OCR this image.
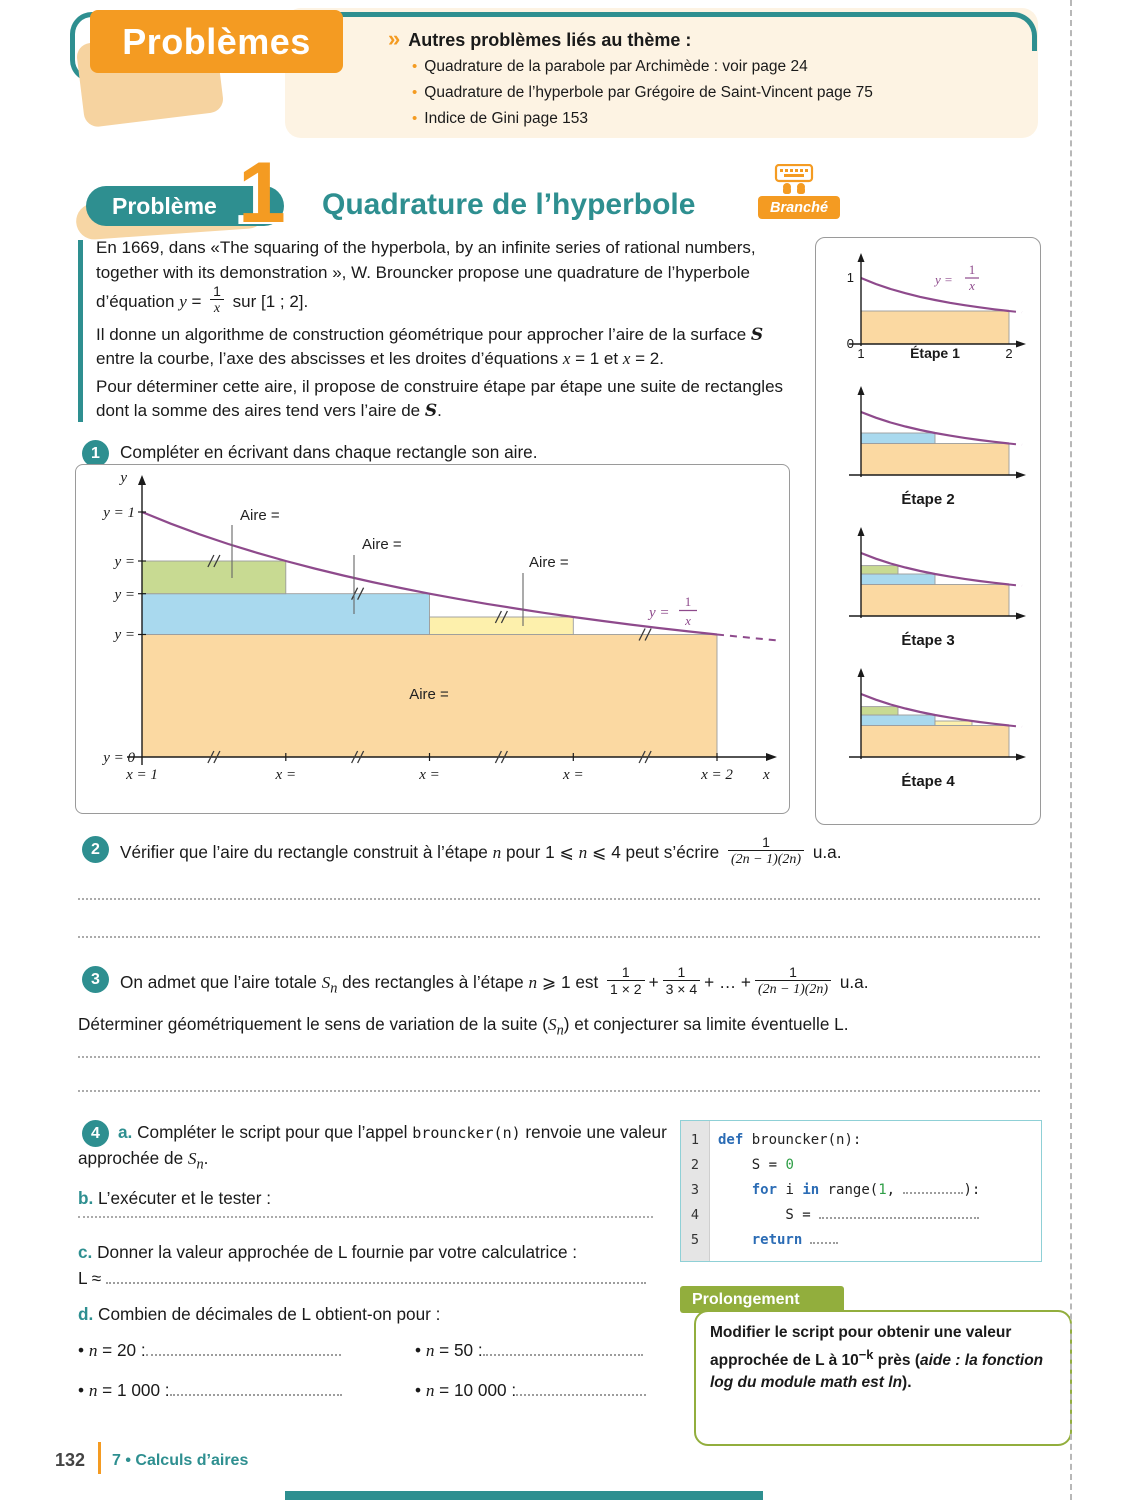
Problèmes	» Autres problèmes liés au thème :
• Quadrature de la parabole par Archimède : voir page 24
• Quadrature de l’hyperbole par Grégoire de Saint-Vincent page 75
• Indice de Gini page 153
Problème 1 Quadrature de l’hyperbole	Branché

En 1669, dans «The squaring of the hyperbola, by an infinite series of rational numbers, together with its demonstration », W. Brouncker propose une quadrature de l’hyperbole d’équation $y = \frac{1}{x}$ sur [1 ; 2].

Il donne un algorithme de construction géométrique pour approcher l’aire de la surface S entre la courbe, l’axe des abscisses et les droites d’équations x = 1 et x = 2.

Pour déterminer cette aire, il propose de construire étape par étape une suite de rectangles dont la somme des aires tend vers l’aire de S.

1
0
1	2
Étape 1
y =
1
x
Étape 2
Étape 3
Étape 4
1	Compléter en écrivant dans chaque rectangle son aire.
y
y = 1
y =
y =
y =
y = 0
x = 1	x =	x =	x =	x = 2 x
Aire =
Aire =
Aire =
Aire =
y =
1
x
2	Vérifier que l’aire du rectangle construit à l’étape n pour 1 ⩽ n ⩽ 4 peut s’écrire $\frac{1}{(2n - 1)(2n)} u.a$.
3	On admet que l’aire totale $S_n$ des rectangles à l’étape n ⩾ 1 est $\frac{1}{1 \times 2} + \frac{1}{3 \times 4}$ + … + $\frac{1}{(2n - 1)(2n)} u.a$.
Déterminer géométriquement le sens de variation de la suite $(S_n)$ et conjecturer sa limite éventuelle L.
4	a. Compléter le script pour que l’appel brouncker(n) renvoie une valeur approchée de $S_n$.

b. L’exécuter et le tester :
c. Donner la valeur approchée de L fournie par votre calculatrice :
L ≈
d. Combien de décimales de L obtient-on pour :
• n = 20 :	• n = 50 :
• n = 1 000 :	• n = 10 000 :
1
2
3
4
5
def brouncker(n):
S = 0
for i in range(1,	):
S =
return
Prolongement
Modifier le script pour obtenir une valeur approchée de L à $10^{-k}$ près (aide : la fonction log du module math est ln).
132 7 • Calculs d’aires
